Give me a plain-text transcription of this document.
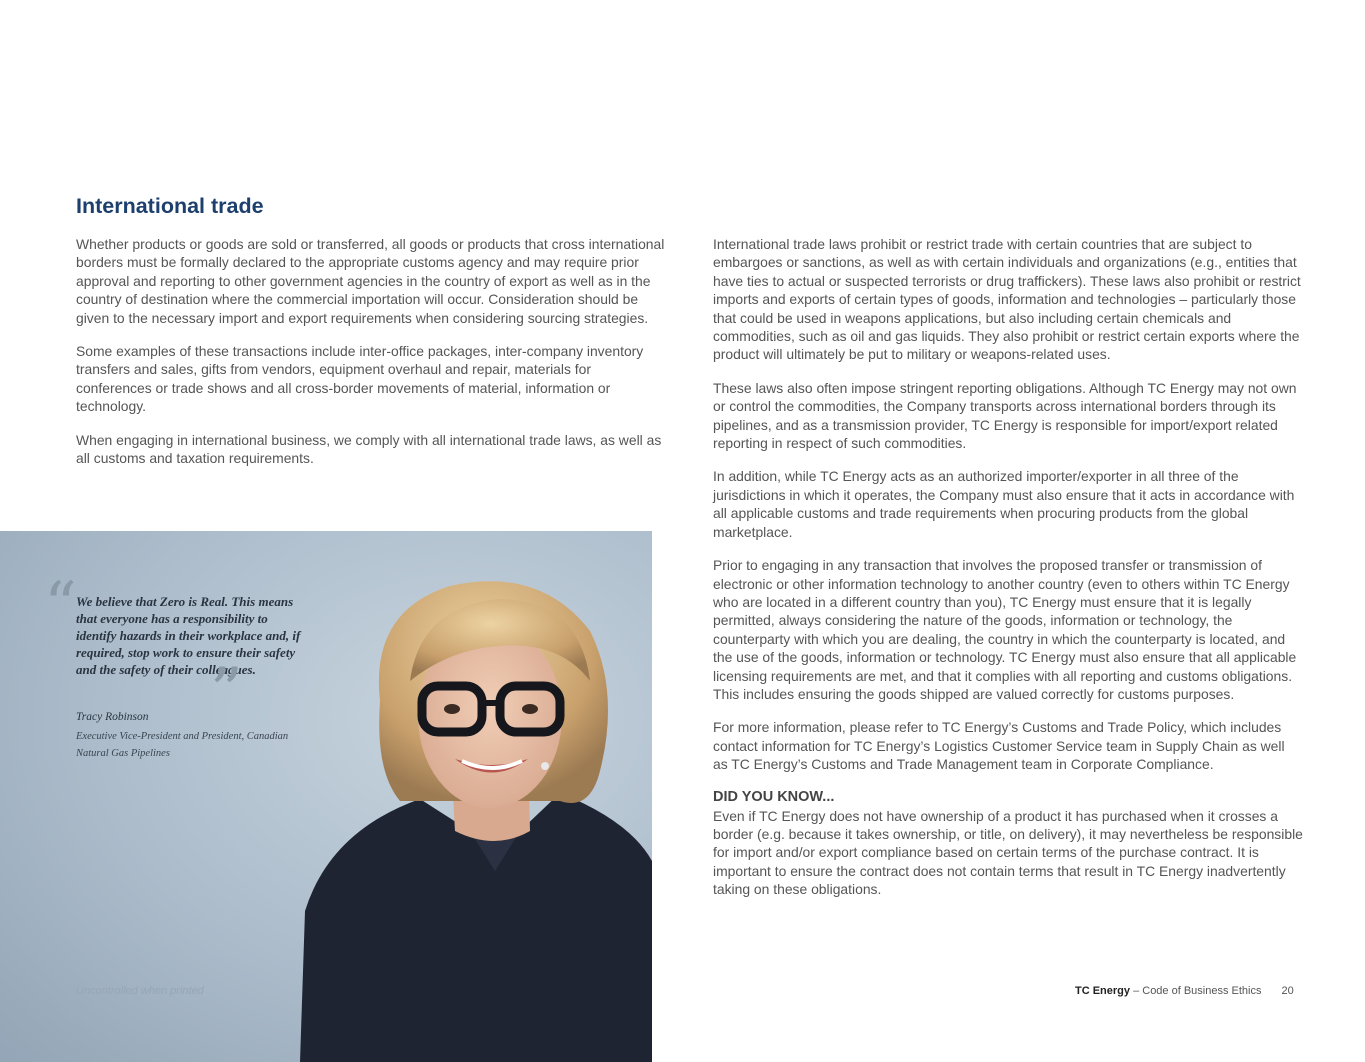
International trade

Whether products or goods are sold or transferred, all goods or products that cross international borders must be formally declared to the appropriate customs agency and may require prior approval and reporting to other government agencies in the country of export as well as in the country of destination where the commercial importation will occur. Consideration should be given to the necessary import and export requirements when considering sourcing strategies.

Some examples of these transactions include inter-office packages, inter-company inventory transfers and sales, gifts from vendors, equipment overhaul and repair, materials for conferences or trade shows and all cross-border movements of material, information or technology.

When engaging in international business, we comply with all international trade laws, as well as all customs and taxation requirements.

International trade laws prohibit or restrict trade with certain countries that are subject to embargoes or sanctions, as well as with certain individuals and organizations (e.g., entities that have ties to actual or suspected terrorists or drug traffickers). These laws also prohibit or restrict imports and exports of certain types of goods, information and technologies – particularly those that could be used in weapons applications, but also including certain chemicals and commodities, such as oil and gas liquids. They also prohibit or restrict certain exports where the product will ultimately be put to military or weapons-related uses.

These laws also often impose stringent reporting obligations. Although TC Energy may not own or control the commodities, the Company transports across international borders through its pipelines, and as a transmission provider, TC Energy is responsible for import/export related reporting in respect of such commodities.

In addition, while TC Energy acts as an authorized importer/exporter in all three of the jurisdictions in which it operates, the Company must also ensure that it acts in accordance with all applicable customs and trade requirements when procuring products from the global marketplace.

Prior to engaging in any transaction that involves the proposed transfer or transmission of electronic or other information technology to another country (even to others within TC Energy who are located in a different country than you), TC Energy must ensure that it is legally permitted, always considering the nature of the goods, information or technology, the counterparty with which you are dealing, the country in which the counterparty is located, and the use of the goods, information or technology. TC Energy must also ensure that all applicable licensing requirements are met, and that it complies with all reporting and customs obligations. This includes ensuring the goods shipped are valued correctly for customs purposes.

For more information, please refer to TC Energy’s Customs and Trade Policy, which includes contact information for TC Energy’s Logistics Customer Service team in Supply Chain as well as TC Energy’s Customs and Trade Management team in Corporate Compliance.

DID YOU KNOW...

Even if TC Energy does not have ownership of a product it has purchased when it crosses a border (e.g. because it takes ownership, or title, on delivery), it may nevertheless be responsible for import and/or export compliance based on certain terms of the purchase contract. It is important to ensure the contract does not contain terms that result in TC Energy inadvertently taking on these obligations.

“ We believe that Zero is Real. This means that everyone has a responsibility to identify hazards in their workplace and, if required, stop work to ensure their safety and the safety of their colleagues.

”

Tracy Robinson

Executive Vice-President and President, Canadian Natural Gas Pipelines

Uncontrolled when printed	TC Energy – Code of Business Ethics 20
